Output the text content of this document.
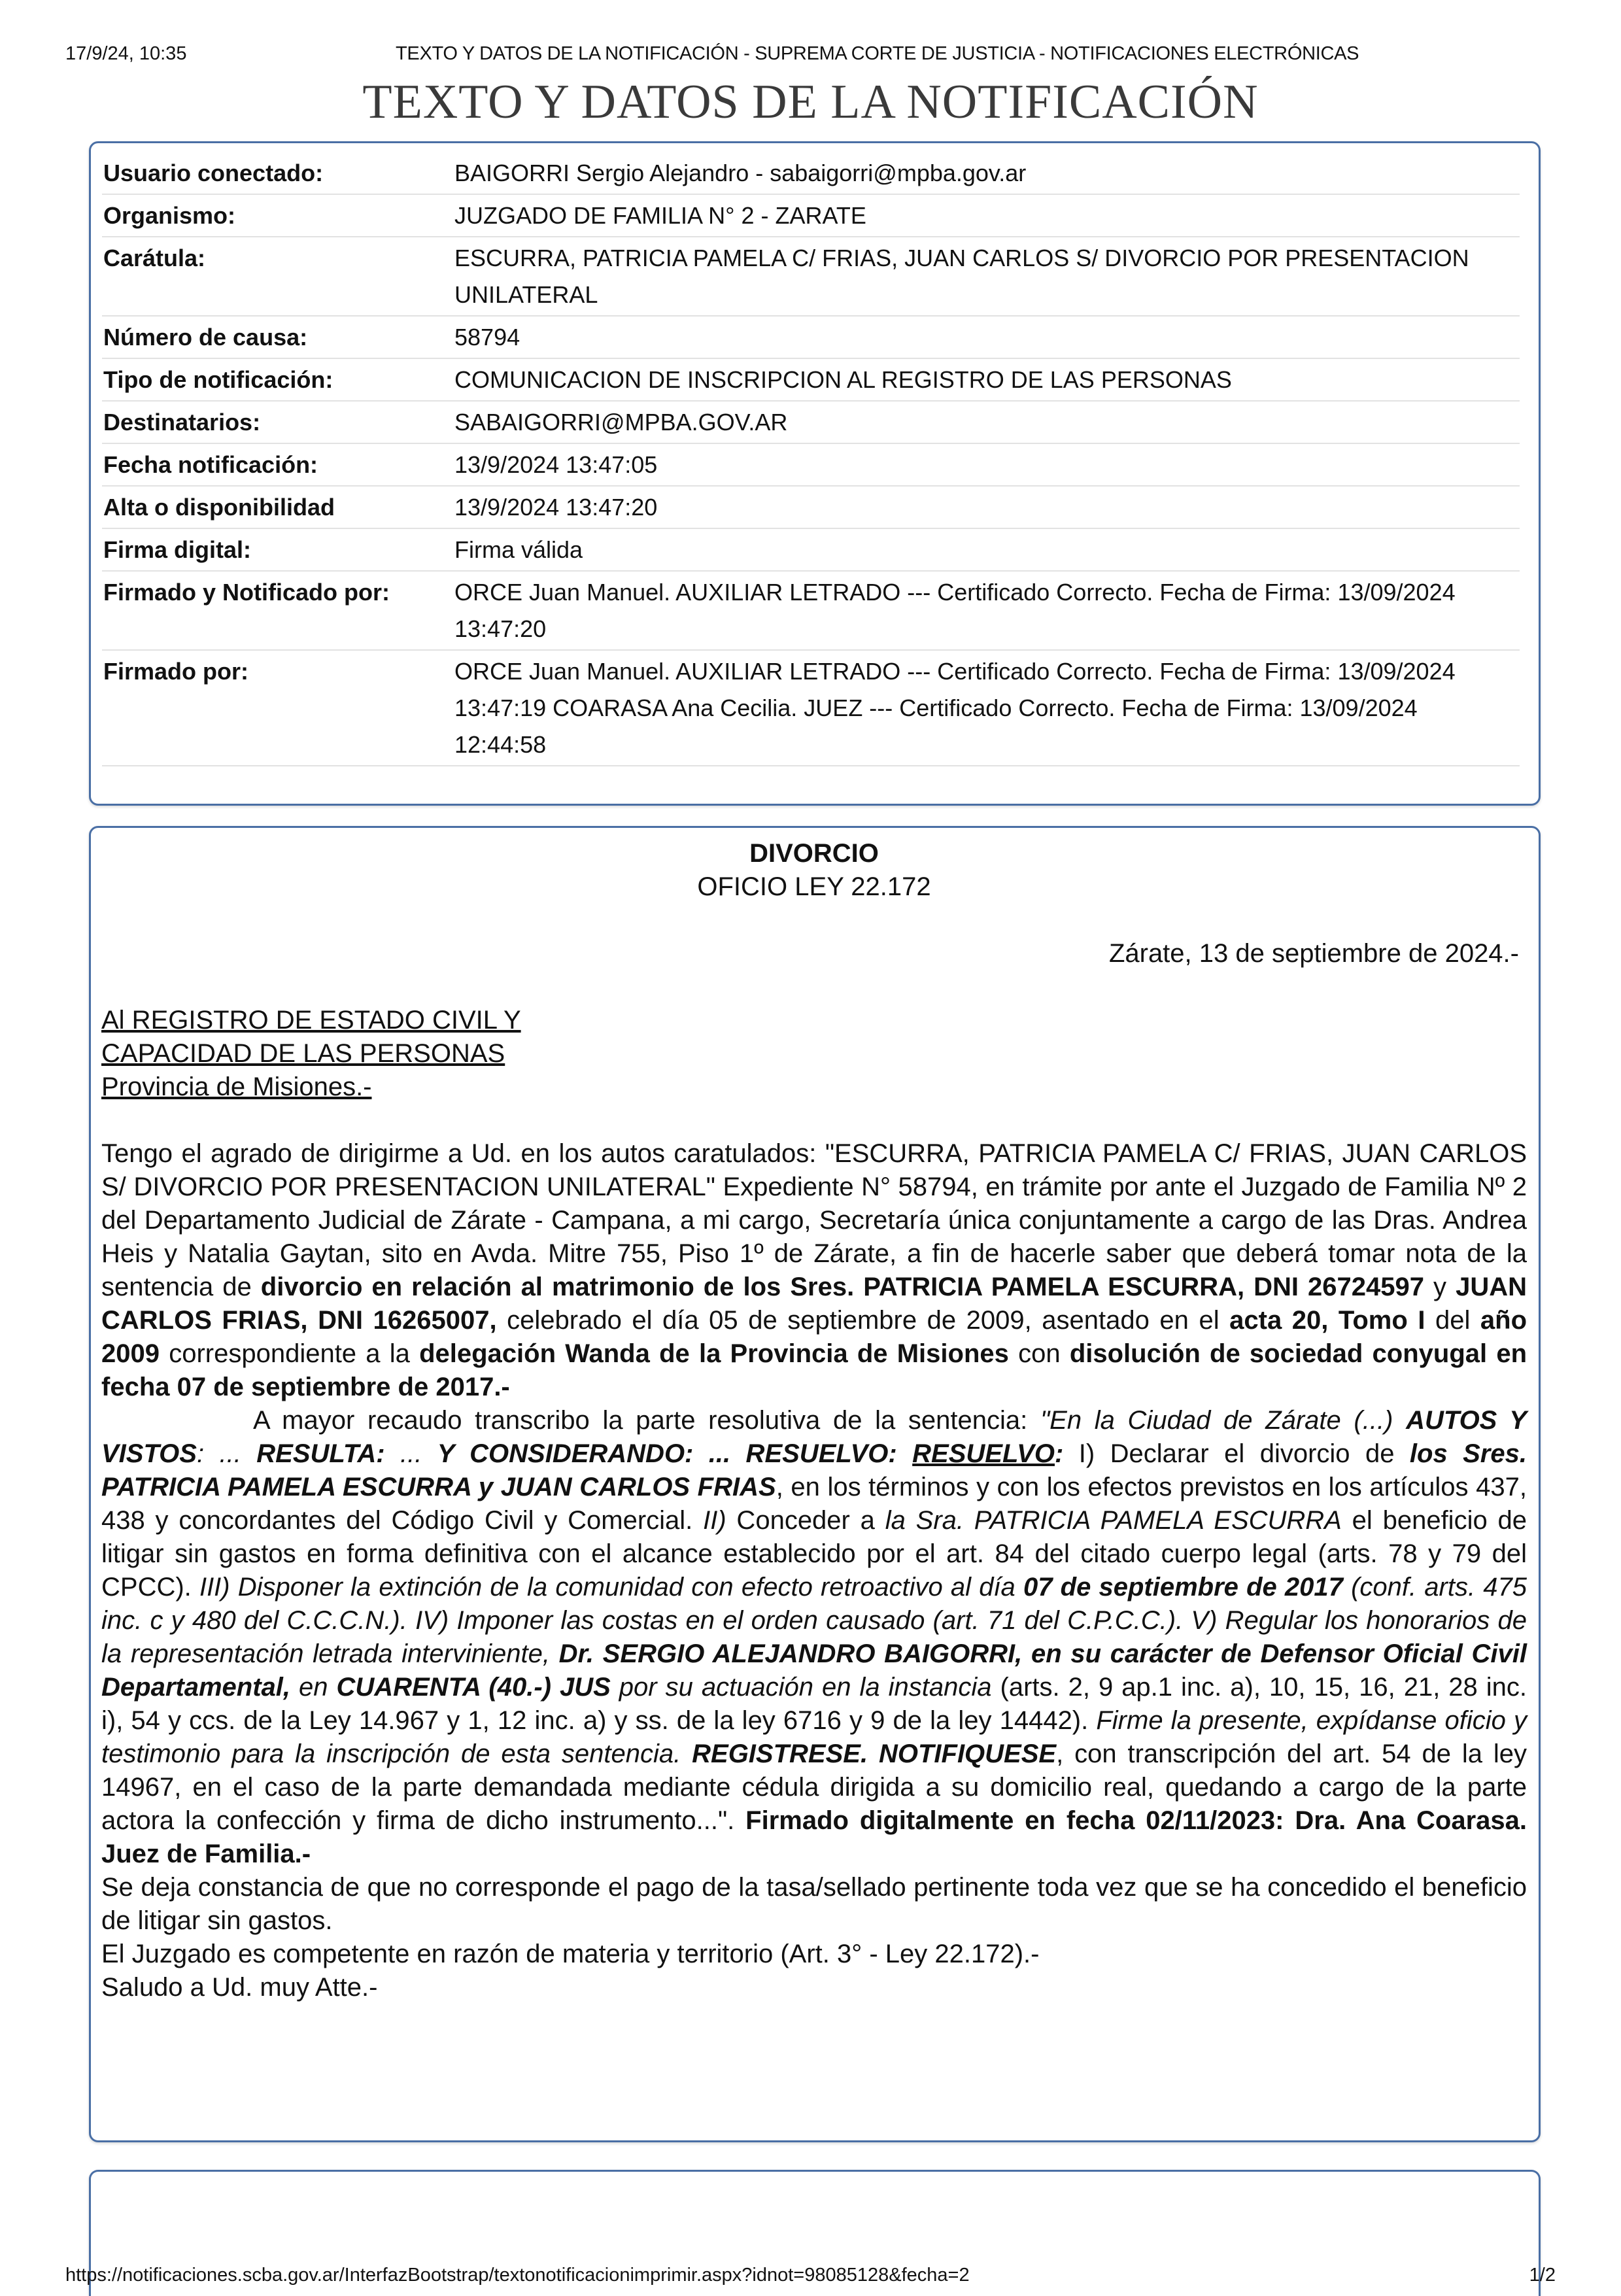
17/9/24, 10:35	TEXTO Y DATOS DE LA NOTIFICACIÓN - SUPREMA CORTE DE JUSTICIA - NOTIFICACIONES ELECTRÓNICAS
TEXTO Y DATOS DE LA NOTIFICACIÓN
Usuario conectado:	BAIGORRI Sergio Alejandro - sabaigorri@mpba.gov.ar
Organismo:	JUZGADO DE FAMILIA N° 2 - ZARATE
Carátula:	ESCURRA, PATRICIA PAMELA C/ FRIAS, JUAN CARLOS S/ DIVORCIO POR PRESENTACION UNILATERAL
Número de causa:	58794
Tipo de notificación:	COMUNICACION DE INSCRIPCION AL REGISTRO DE LAS PERSONAS
Destinatarios:	SABAIGORRI@MPBA.GOV.AR
Fecha notificación:	13/9/2024 13:47:05
Alta o disponibilidad	13/9/2024 13:47:20
Firma digital:	Firma válida
Firmado y Notificado por:	ORCE Juan Manuel. AUXILIAR LETRADO --- Certificado Correcto. Fecha de Firma: 13/09/2024 13:47:20
Firmado por:	ORCE Juan Manuel. AUXILIAR LETRADO --- Certificado Correcto. Fecha de Firma: 13/09/2024 13:47:19 COARASA Ana Cecilia. JUEZ --- Certificado Correcto. Fecha de Firma: 13/09/2024 12:44:58
DIVORCIO
OFICIO LEY 22.172
Zárate, 13 de septiembre de 2024.-
Al REGISTRO DE ESTADO CIVIL Y
CAPACIDAD DE LAS PERSONAS
Provincia de Misiones.-

Tengo el agrado de dirigirme a Ud. en los autos caratulados: "ESCURRA, PATRICIA PAMELA C/ FRIAS, JUAN CARLOS S/ DIVORCIO POR PRESENTACION UNILATERAL" Expediente N° 58794, en trámite por ante el Juzgado de Familia Nº 2 del Departamento Judicial de Zárate - Campana, a mi cargo, Secretaría única conjuntamente a cargo de las Dras. Andrea Heis y Natalia Gaytan, sito en Avda. Mitre 755, Piso 1º de Zárate, a fin de hacerle saber que deberá tomar nota de la sentencia de divorcio en relación al matrimonio de los Sres. PATRICIA PAMELA ESCURRA, DNI 26724597 y JUAN CARLOS FRIAS, DNI 16265007, celebrado el día 05 de septiembre de 2009, asentado en el acta 20, Tomo I del año 2009 correspondiente a la delegación Wanda de la Provincia de Misiones con disolución de sociedad conyugal en fecha 07 de septiembre de 2017.-

A mayor recaudo transcribo la parte resolutiva de la sentencia: "En la Ciudad de Zárate (...) AUTOS Y VISTOS: ... RESULTA: ... Y CONSIDERANDO: ... RESUELVO: RESUELVO: I) Declarar el divorcio de los Sres. PATRICIA PAMELA ESCURRA y JUAN CARLOS FRIAS, en los términos y con los efectos previstos en los artículos 437, 438 y concordantes del Código Civil y Comercial. II) Conceder a la Sra. PATRICIA PAMELA ESCURRA el beneficio de litigar sin gastos en forma definitiva con el alcance establecido por el art. 84 del citado cuerpo legal (arts. 78 y 79 del CPCC). III) Disponer la extinción de la comunidad con efecto retroactivo al día 07 de septiembre de 2017 (conf. arts. 475 inc. c y 480 del C.C.C.N.). IV) Imponer las costas en el orden causado (art. 71 del C.P.C.C.). V) Regular los honorarios de la representación letrada interviniente, Dr. SERGIO ALEJANDRO BAIGORRI, en su carácter de Defensor Oficial Civil Departamental, en CUARENTA (40.-) JUS por su actuación en la instancia (arts. 2, 9 ap.1 inc. a), 10, 15, 16, 21, 28 inc. i), 54 y ccs. de la Ley 14.967 y 1, 12 inc. a) y ss. de la ley 6716 y 9 de la ley 14442). Firme la presente, expídanse oficio y testimonio para la inscripción de esta sentencia. REGISTRESE. NOTIFIQUESE, con transcripción del art. 54 de la ley 14967, en el caso de la parte demandada mediante cédula dirigida a su domicilio real, quedando a cargo de la parte actora la confección y firma de dicho instrumento...". Firmado digitalmente en fecha 02/11/2023: Dra. Ana Coarasa. Juez de Familia.-

Se deja constancia de que no corresponde el pago de la tasa/sellado pertinente toda vez que se ha concedido el beneficio de litigar sin gastos.

El Juzgado es competente en razón de materia y territorio (Art. 3° - Ley 22.172).-

Saludo a Ud. muy Atte.-
https://notificaciones.scba.gov.ar/InterfazBootstrap/textonotificacionimprimir.aspx?idnot=98085128&fecha=2	1/2
